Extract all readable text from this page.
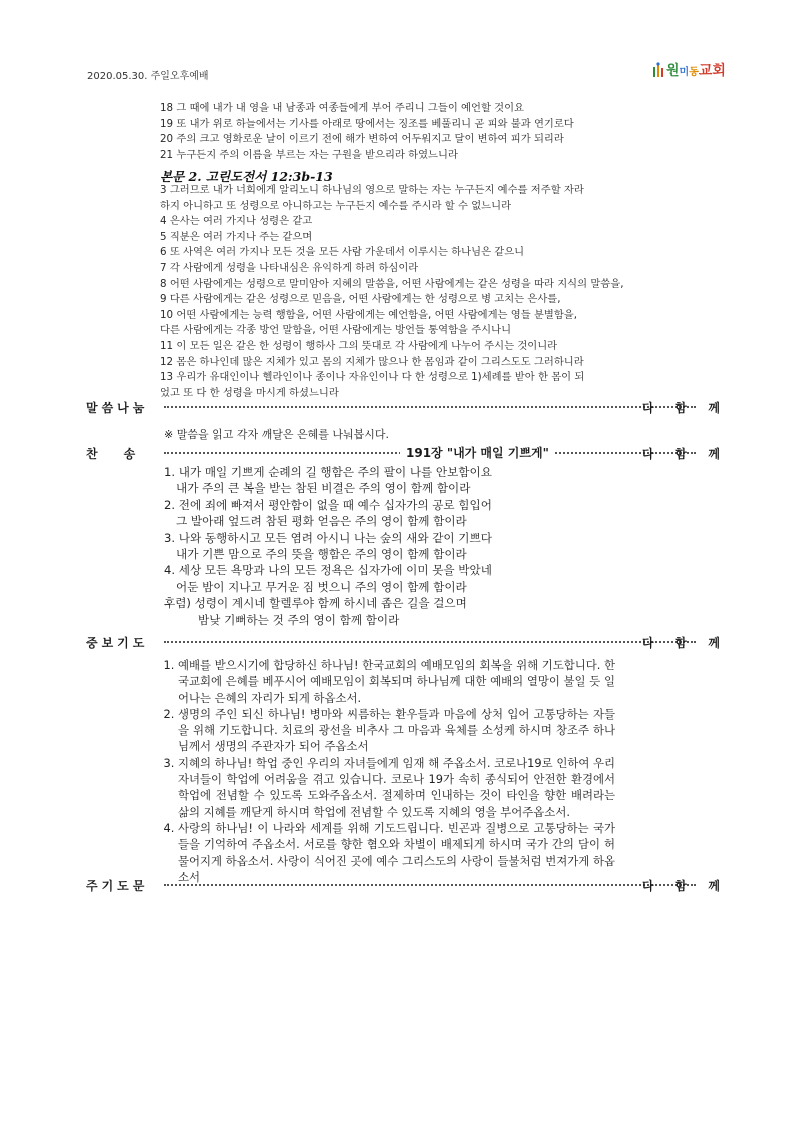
2020.05.30. 주일오후예배	원 미 동 교회
18 그 때에 내가 내 영을 내 남종과 여종들에게 부어 주리니 그들이 예언할 것이요
19 또 내가 위로 하늘에서는 기사를 아래로 땅에서는 징조를 베풀리니 곧 피와 불과 연기로다
20 주의 크고 영화로운 날이 이르기 전에 해가 변하여 어두워지고 달이 변하여 피가 되리라
21 누구든지 주의 이름을 부르는 자는 구원을 받으리라 하였느니라
본문 2. 고린도전서 12:3b-13
3 그러므로 내가 너희에게 알리노니 하나님의 영으로 말하는 자는 누구든지 예수를 저주할 자라
하지 아니하고 또 성령으로 아니하고는 누구든지 예수를 주시라 할 수 없느니라
4 은사는 여러 가지나 성령은 같고
5 직분은 여러 가지나 주는 같으며
6 또 사역은 여러 가지나 모든 것을 모든 사람 가운데서 이루시는 하나님은 같으니
7 각 사람에게 성령을 나타내심은 유익하게 하려 하심이라
8 어떤 사람에게는 성령으로 말미암아 지혜의 말씀을, 어떤 사람에게는 같은 성령을 따라 지식의 말씀을,
9 다른 사람에게는 같은 성령으로 믿음을, 어떤 사람에게는 한 성령으로 병 고치는 은사를,
10 어떤 사람에게는 능력 행함을, 어떤 사람에게는 예언함을, 어떤 사람에게는 영들 분별함을,
다른 사람에게는 각종 방언 말함을, 어떤 사람에게는 방언들 통역함을 주시나니
11 이 모든 일은 같은 한 성령이 행하사 그의 뜻대로 각 사람에게 나누어 주시는 것이니라
12 몸은 하나인데 많은 지체가 있고 몸의 지체가 많으나 한 몸임과 같이 그리스도도 그러하니라
13 우리가 유대인이나 헬라인이나 종이나 자유인이나 다 한 성령으로 1)세례를 받아 한 몸이 되
었고 또 다 한 성령을 마시게 하셨느니라
말씀나눔	다 함 께
※ 말씀을 읽고 각자 깨달은 은혜를 나눠봅시다.
찬송	191장 "내가 매일 기쁘게"	다 함 께
1. 내가 매일 기쁘게 순례의 길 행함은 주의 팔이 나를 안보함이요
내가 주의 큰 복을 받는 참된 비결은 주의 영이 함께 함이라
2. 전에 죄에 빠져서 평안함이 없을 때 예수 십자가의 공로 힘입어
그 발아래 엎드려 참된 평화 얻음은 주의 영이 함께 함이라
3. 나와 동행하시고 모든 염려 아시니 나는 숲의 새와 같이 기쁘다
내가 기쁜 맘으로 주의 뜻을 행함은 주의 영이 함께 함이라
4. 세상 모든 욕망과 나의 모든 정욕은 십자가에 이미 못을 박았네
어둔 밤이 지나고 무거운 짐 벗으니 주의 영이 함께 함이라
후렴) 성령이 계시네 할렐루야 함께 하시네 좁은 길을 걸으며
밤낮 기뻐하는 것 주의 영이 함께 함이라
중보기도	다 함 께
1. 예배를 받으시기에 합당하신 하나님! 한국교회의 예배모임의 회복을 위해 기도합니다. 한국교회에 은혜를 베푸시어 예배모임이 회복되며 하나님께 대한 예배의 열망이 불일 듯 일어나는 은혜의 자리가 되게 하옵소서.
2. 생명의 주인 되신 하나님! 병마와 씨름하는 환우들과 마음에 상처 입어 고통당하는 자들을 위해 기도합니다. 치료의 광선을 비추사 그 마음과 육체를 소성케 하시며 창조주 하나님께서 생명의 주관자가 되어 주옵소서
3. 지혜의 하나님! 학업 중인 우리의 자녀들에게 임재 해 주옵소서. 코로나19로 인하여 우리 자녀들이 학업에 어려움을 겪고 있습니다. 코로나 19가 속히 종식되어 안전한 환경에서 학업에 전념할 수 있도록 도와주옵소서. 절제하며 인내하는 것이 타인을 향한 배려라는 삶의 지혜를 깨닫게 하시며 학업에 전념할 수 있도록 지혜의 영을 부어주옵소서.
4. 사랑의 하나님! 이 나라와 세계를 위해 기도드립니다. 빈곤과 질병으로 고통당하는 국가들을 기억하여 주옵소서. 서로를 향한 혐오와 차별이 배제되게 하시며 국가 간의 담이 허물어지게 하옵소서. 사랑이 식어진 곳에 예수 그리스도의 사랑이 들불처럼 번져가게 하옵소서
주기도문	다 함 께
